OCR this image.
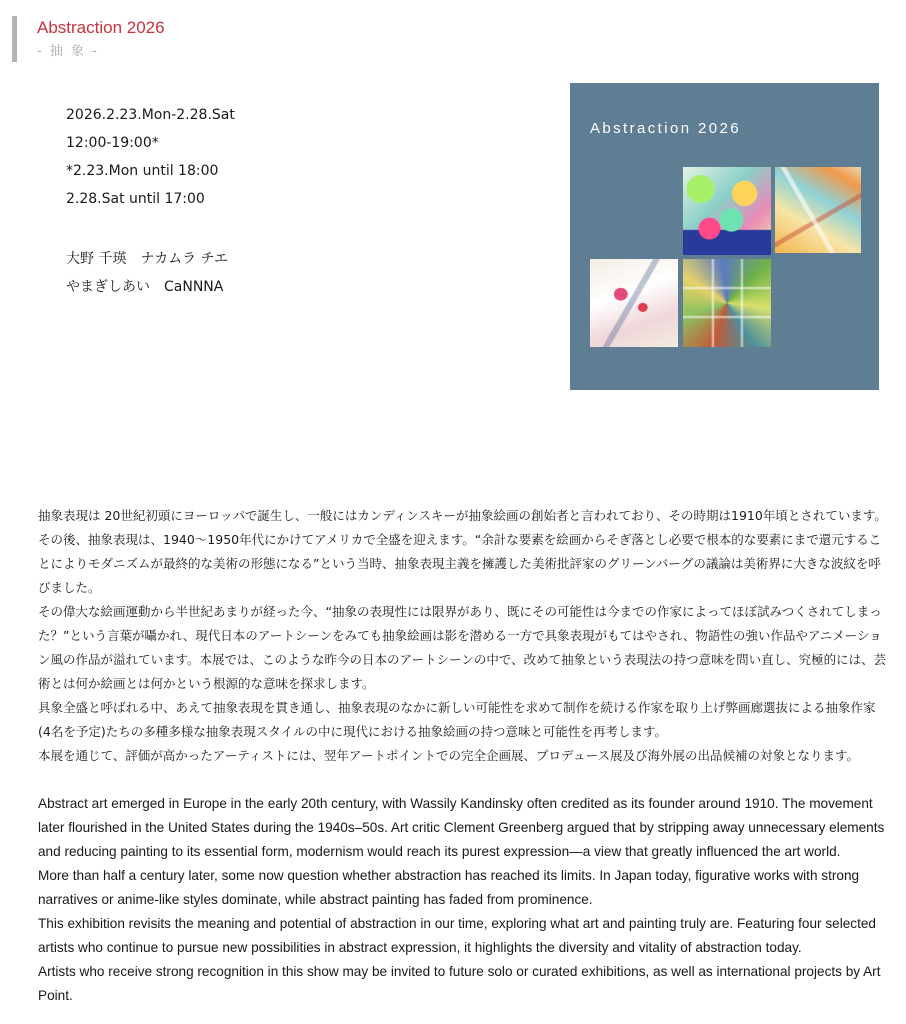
Abstraction 2026
- 抽 象 -
2026.2.23.Mon-2.28.Sat
12:00-19:00*
*2.23.Mon until 18:00
2.28.Sat until 17:00
大野 千瑛　ナカムラ チエ
やまぎしあい　CaNNNA
Abstraction 2026

抽象表現は 20世紀初頭にヨーロッパで誕生し、一般にはカンディンスキーが抽象絵画の創始者と言われており、その時期は1910年頃とされています。その後、抽象表現は、1940〜1950年代にかけてアメリカで全盛を迎えます。“余計な要素を絵画からそぎ落とし必要で根本的な要素にまで還元することによりモダニズムが最終的な美術の形態になる”という当時、抽象表現主義を擁護した美術批評家のグリーンバーグの議論は美術界に大きな波紋を呼びました。

その偉大な絵画運動から半世紀あまりが経った今、“抽象の表現性には限界があり、既にその可能性は今までの作家によってほぼ試みつくされてしまった？”という言葉が囁かれ、現代日本のアートシーンをみても抽象絵画は影を潜める一方で具象表現がもてはやされ、物語性の強い作品やアニメーション風の作品が溢れています。本展では、このような昨今の日本のアートシーンの中で、改めて抽象という表現法の持つ意味を問い直し、究極的には、芸術とは何か絵画とは何かという根源的な意味を探求します。

具象全盛と呼ばれる中、あえて抽象表現を貫き通し、抽象表現のなかに新しい可能性を求めて制作を続ける作家を取り上げ弊画廊選抜による抽象作家(4名を予定)たちの多種多様な抽象表現スタイルの中に現代における抽象絵画の持つ意味と可能性を再考します。

本展を通じて、評価が高かったアーティストには、翌年アートポイントでの完全企画展、プロデュース展及び海外展の出品候補の対象となります。

Abstract art emerged in Europe in the early 20th century, with Wassily Kandinsky often credited as its founder around 1910. The movement later flourished in the United States during the 1940s–50s. Art critic Clement Greenberg argued that by stripping away unnecessary elements and reducing painting to its essential form, modernism would reach its purest expression―a view that greatly influenced the art world.

More than half a century later, some now question whether abstraction has reached its limits. In Japan today, figurative works with strong narratives or anime-like styles dominate, while abstract painting has faded from prominence.

This exhibition revisits the meaning and potential of abstraction in our time, exploring what art and painting truly are. Featuring four selected artists who continue to pursue new possibilities in abstract expression, it highlights the diversity and vitality of abstraction today.

Artists who receive strong recognition in this show may be invited to future solo or curated exhibitions, as well as international projects by Art Point.
